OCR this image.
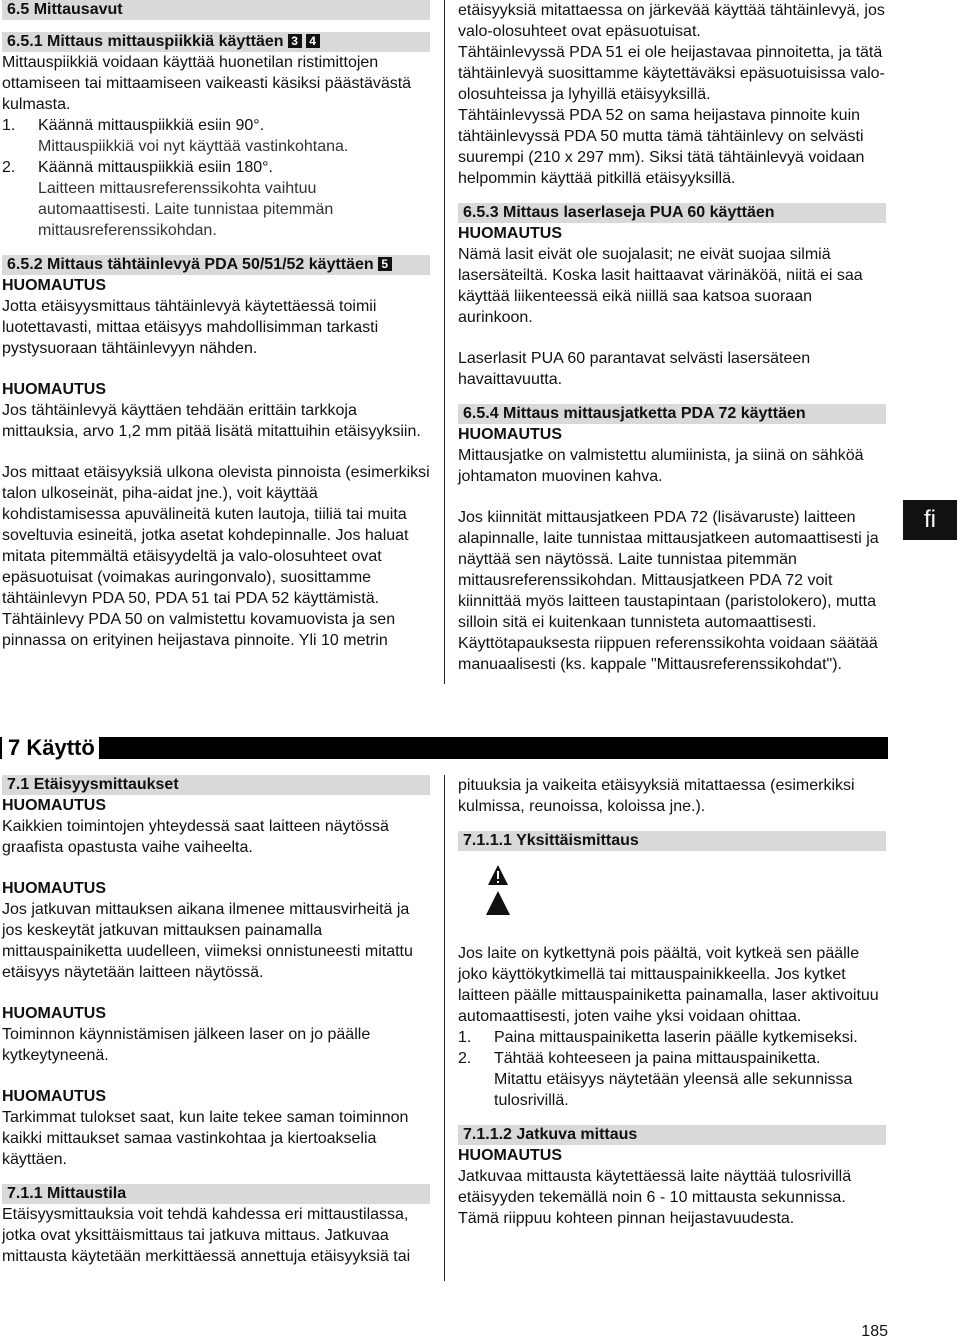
6.5 Mittausavut
6.5.1 Mittaus mittauspiikkiä käyttäen 3 4

Mittauspiikkiä voidaan käyttää huonetilan ristimittojen ottamiseen tai mittaamiseen vaikeasti käsiksi päästävästä kulmasta.

1.	Käännä mittauspiikkiä esiin 90°.

Mittauspiikkiä voi nyt käyttää vastinkohtana.

2.	Käännä mittauspiikkiä esiin 180°.

Laitteen mittausreferenssikohta vaihtuu automaattisesti. Laite tunnistaa pitemmän mittausreferenssikohdan.

6.5.2 Mittaus tähtäinlevyä PDA 50/51/52 käyttäen 5

HUOMAUTUS

Jotta etäisyysmittaus tähtäinlevyä käytettäessä toimii luotettavasti, mittaa etäisyys mahdollisimman tarkasti pystysuoraan tähtäinlevyyn nähden.

HUOMAUTUS

Jos tähtäinlevyä käyttäen tehdään erittäin tarkkoja mittauksia, arvo 1,2 mm pitää lisätä mitattuihin etäisyyksiin.

Jos mittaat etäisyyksiä ulkona olevista pinnoista (esimerkiksi talon ulkoseinät, piha-aidat jne.), voit käyttää kohdistamisessa apuvälineitä kuten lautoja, tiiliä tai muita soveltuvia esineitä, jotka asetat kohdepinnalle. Jos haluat mitata pitemmältä etäisyydeltä ja valo-olosuhteet ovat epäsuotuisat (voimakas auringonvalo), suosittamme tähtäinlevyn PDA 50, PDA 51 tai PDA 52 käyttämistä. Tähtäinlevy PDA 50 on valmistettu kovamuovista ja sen pinnassa on erityinen heijastava pinnoite. Yli 10 metrin

etäisyyksiä mitattaessa on järkevää käyttää tähtäinlevyä, jos valo-olosuhteet ovat epäsuotuisat.

Tähtäinlevyssä PDA 51 ei ole heijastavaa pinnoitetta, ja tätä tähtäinlevyä suosittamme käytettäväksi epäsuotuisissa valo-olosuhteissa ja lyhyillä etäisyyksillä.

Tähtäinlevyssä PDA 52 on sama heijastava pinnoite kuin tähtäinlevyssä PDA 50 mutta tämä tähtäinlevy on selvästi suurempi (210 x 297 mm). Siksi tätä tähtäinlevyä voidaan helpommin käyttää pitkillä etäisyyksillä.

6.5.3 Mittaus laserlaseja PUA 60 käyttäen

HUOMAUTUS

Nämä lasit eivät ole suojalasit; ne eivät suojaa silmiä lasersäteiltä. Koska lasit haittaavat värinäköä, niitä ei saa käyttää liikenteessä eikä niillä saa katsoa suoraan aurinkoon.

Laserlasit PUA 60 parantavat selvästi lasersäteen havaittavuutta.

6.5.4 Mittaus mittausjatketta PDA 72 käyttäen

HUOMAUTUS

Mittausjatke on valmistettu alumiinista, ja siinä on sähköä johtamaton muovinen kahva.

Jos kiinnität mittausjatkeen PDA 72 (lisävaruste) laitteen alapinnalle, laite tunnistaa mittausjatkeen automaattisesti ja näyttää sen näytössä. Laite tunnistaa pitemmän mittausreferenssikohdan. Mittausjatkeen PDA 72 voit kiinnittää myös laitteen taustapintaan (paristolokero), mutta silloin sitä ei kuitenkaan tunnisteta automaattisesti. Käyttötapauksesta riippuen referenssikohta voidaan säätää manuaalisesti (ks. kappale "Mittausreferenssikohdat").

fi
7 Käyttö
7.1 Etäisyysmittaukset

HUOMAUTUS

Kaikkien toimintojen yhteydessä saat laitteen näytössä graafista opastusta vaihe vaiheelta.

HUOMAUTUS

Jos jatkuvan mittauksen aikana ilmenee mittausvirheitä ja jos keskeytät jatkuvan mittauksen painamalla mittauspainiketta uudelleen, viimeksi onnistuneesti mitattu etäisyys näytetään laitteen näytössä.

HUOMAUTUS

Toiminnon käynnistämisen jälkeen laser on jo päälle kytkeytyneenä.

HUOMAUTUS

Tarkimmat tulokset saat, kun laite tekee saman toiminnon kaikki mittaukset samaa vastinkohtaa ja kiertoakselia käyttäen.

7.1.1 Mittaustila

Etäisyysmittauksia voit tehdä kahdessa eri mittaustilassa, jotka ovat yksittäismittaus tai jatkuva mittaus. Jatkuvaa mittausta käytetään merkittäessä annettuja etäisyyksiä tai

pituuksia ja vaikeita etäisyyksiä mitattaessa (esimerkiksi kulmissa, reunoissa, koloissa jne.).

7.1.1.1 Yksittäismittaus

Jos laite on kytkettynä pois päältä, voit kytkeä sen päälle joko käyttökytkimellä tai mittauspainikkeella. Jos kytket laitteen päälle mittauspainiketta painamalla, laser aktivoituu automaattisesti, joten vaihe yksi voidaan ohittaa.

1.	Paina mittauspainiketta laserin päälle kytkemiseksi.
2.	Tähtää kohteeseen ja paina mittauspainiketta.

Mitattu etäisyys näytetään yleensä alle sekunnissa tulosrivillä.

7.1.1.2 Jatkuva mittaus

HUOMAUTUS

Jatkuvaa mittausta käytettäessä laite näyttää tulosrivillä etäisyyden tekemällä noin 6 - 10 mittausta sekunnissa. Tämä riippuu kohteen pinnan heijastavuudesta.

185
